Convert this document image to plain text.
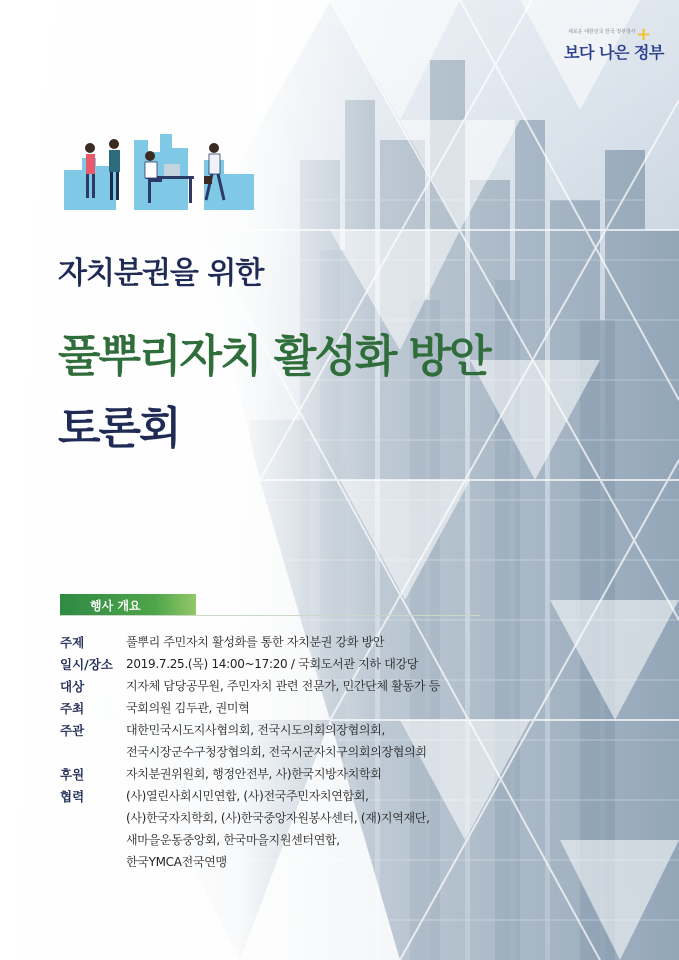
새로운 대한민국 한국 정부청사
보다 나은 정부
+
자치분권을 위한
풀뿌리자치 활성화 방안
토론회
행사 개요
주제	풀뿌리 주민자치 활성화를 통한 자치분권 강화 방안
일시/장소 2019.7.25.(목) 14:00~17:20 / 국회도서관 지하 대강당
대상	지자체 담당공무원, 주민자치 관련 전문가, 민간단체 활동가 등
주최	국회의원 김두관, 권미혁
주관	대한민국시도지사협의회, 전국시도의회의장협의회,
전국시장군수구청장협의회, 전국시군자치구의회의장협의회
후원	자치분권위원회, 행정안전부, 사)한국지방자치학회
협력	(사)열린사회시민연합, (사)전국주민자치연합회,
(사)한국자치학회, (사)한국중앙자원봉사센터, (재)지역재단,
새마을운동중앙회, 한국마을지원센터연합,
한국YMCA전국연맹
